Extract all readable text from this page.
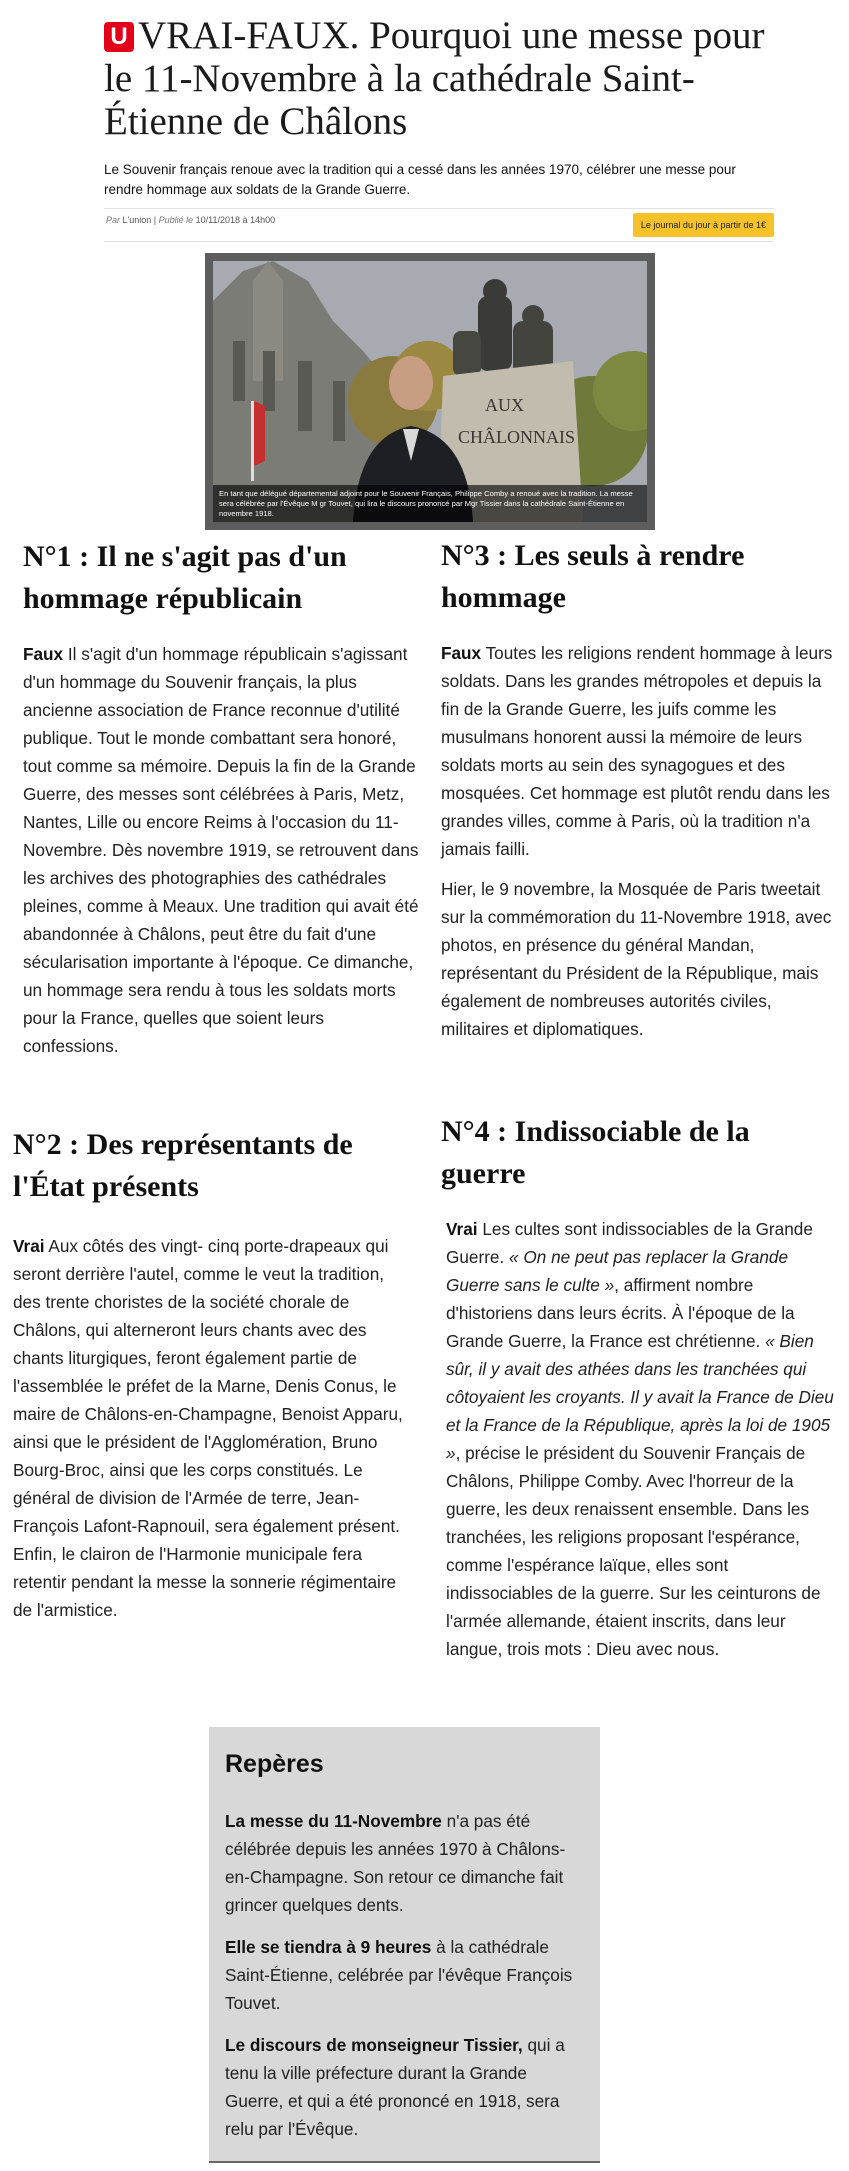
U VRAI-FAUX. Pourquoi une messe pour le 11-Novembre à la cathédrale Saint-Étienne de Châlons

Le Souvenir français renoue avec la tradition qui a cessé dans les années 1970, célébrer une messe pour rendre hommage aux soldats de la Grande Guerre.

Par L'union | Publié le 10/11/2018 à 14h00	Le journal du jour à partir de 1€
AUX
CHÂLONNAIS
En tant que délégué départemental adjoint pour le Souvenir Français, Philippe Comby a renoué avec la tradition. La messe sera célébrée par l'Évêque M gr Touvet, qui lira le discours prononcé par Mgr Tissier dans la cathédrale Saint-Étienne en novembre 1918.
N°1 : Il ne s'agit pas d'un hommage républicain

Faux Il s'agit d'un hommage républicain s'agissant d'un hommage du Souvenir français, la plus ancienne association de France reconnue d'utilité publique. Tout le monde combattant sera honoré, tout comme sa mémoire. Depuis la fin de la Grande Guerre, des messes sont célébrées à Paris, Metz, Nantes, Lille ou encore Reims à l'occasion du 11-Novembre. Dès novembre 1919, se retrouvent dans les archives des photographies des cathédrales pleines, comme à Meaux. Une tradition qui avait été abandonnée à Châlons, peut être du fait d'une sécularisation importante à l'époque. Ce dimanche, un hommage sera rendu à tous les soldats morts pour la France, quelles que soient leurs confessions.

N°2 : Des représentants de l'État présents

Vrai Aux côtés des vingt- cinq porte-drapeaux qui seront derrière l'autel, comme le veut la tradition, des trente choristes de la société chorale de Châlons, qui alterneront leurs chants avec des chants liturgiques, feront également partie de l'assemblée le préfet de la Marne, Denis Conus, le maire de Châlons-en-Champagne, Benoist Apparu, ainsi que le président de l'Agglomération, Bruno Bourg-Broc, ainsi que les corps constitués. Le général de division de l'Armée de terre, Jean-François Lafont-Rapnouil, sera également présent. Enfin, le clairon de l'Harmonie municipale fera retentir pendant la messe la sonnerie régimentaire de l'armistice.

N°3 : Les seuls à rendre hommage

Faux Toutes les religions rendent hommage à leurs soldats. Dans les grandes métropoles et depuis la fin de la Grande Guerre, les juifs comme les musulmans honorent aussi la mémoire de leurs soldats morts au sein des synagogues et des mosquées. Cet hommage est plutôt rendu dans les grandes villes, comme à Paris, où la tradition n'a jamais failli.

Hier, le 9 novembre, la Mosquée de Paris tweetait sur la commémoration du 11-Novembre 1918, avec photos, en présence du général Mandan, représentant du Président de la République, mais également de nombreuses autorités civiles, militaires et diplomatiques.

N°4 : Indissociable de la guerre

Vrai Les cultes sont indissociables de la Grande Guerre. « On ne peut pas replacer la Grande Guerre sans le culte », affirment nombre d'historiens dans leurs écrits. À l'époque de la Grande Guerre, la France est chrétienne. « Bien sûr, il y avait des athées dans les tranchées qui côtoyaient les croyants. Il y avait la France de Dieu et la France de la République, après la loi de 1905 », précise le président du Souvenir Français de Châlons, Philippe Comby. Avec l'horreur de la guerre, les deux renaissent ensemble. Dans les tranchées, les religions proposant l'espérance, comme l'espérance laïque, elles sont indissociables de la guerre. Sur les ceinturons de l'armée allemande, étaient inscrits, dans leur langue, trois mots : Dieu avec nous.

Repères

La messe du 11-Novembre n'a pas été célébrée depuis les années 1970 à Châlons-en-Champagne. Son retour ce dimanche fait grincer quelques dents.

Elle se tiendra à 9 heures à la cathédrale Saint-Étienne, celébrée par l'évêque François Touvet.

Le discours de monseigneur Tissier, qui a tenu la ville préfecture durant la Grande Guerre, et qui a été prononcé en 1918, sera relu par l'Évêque.
